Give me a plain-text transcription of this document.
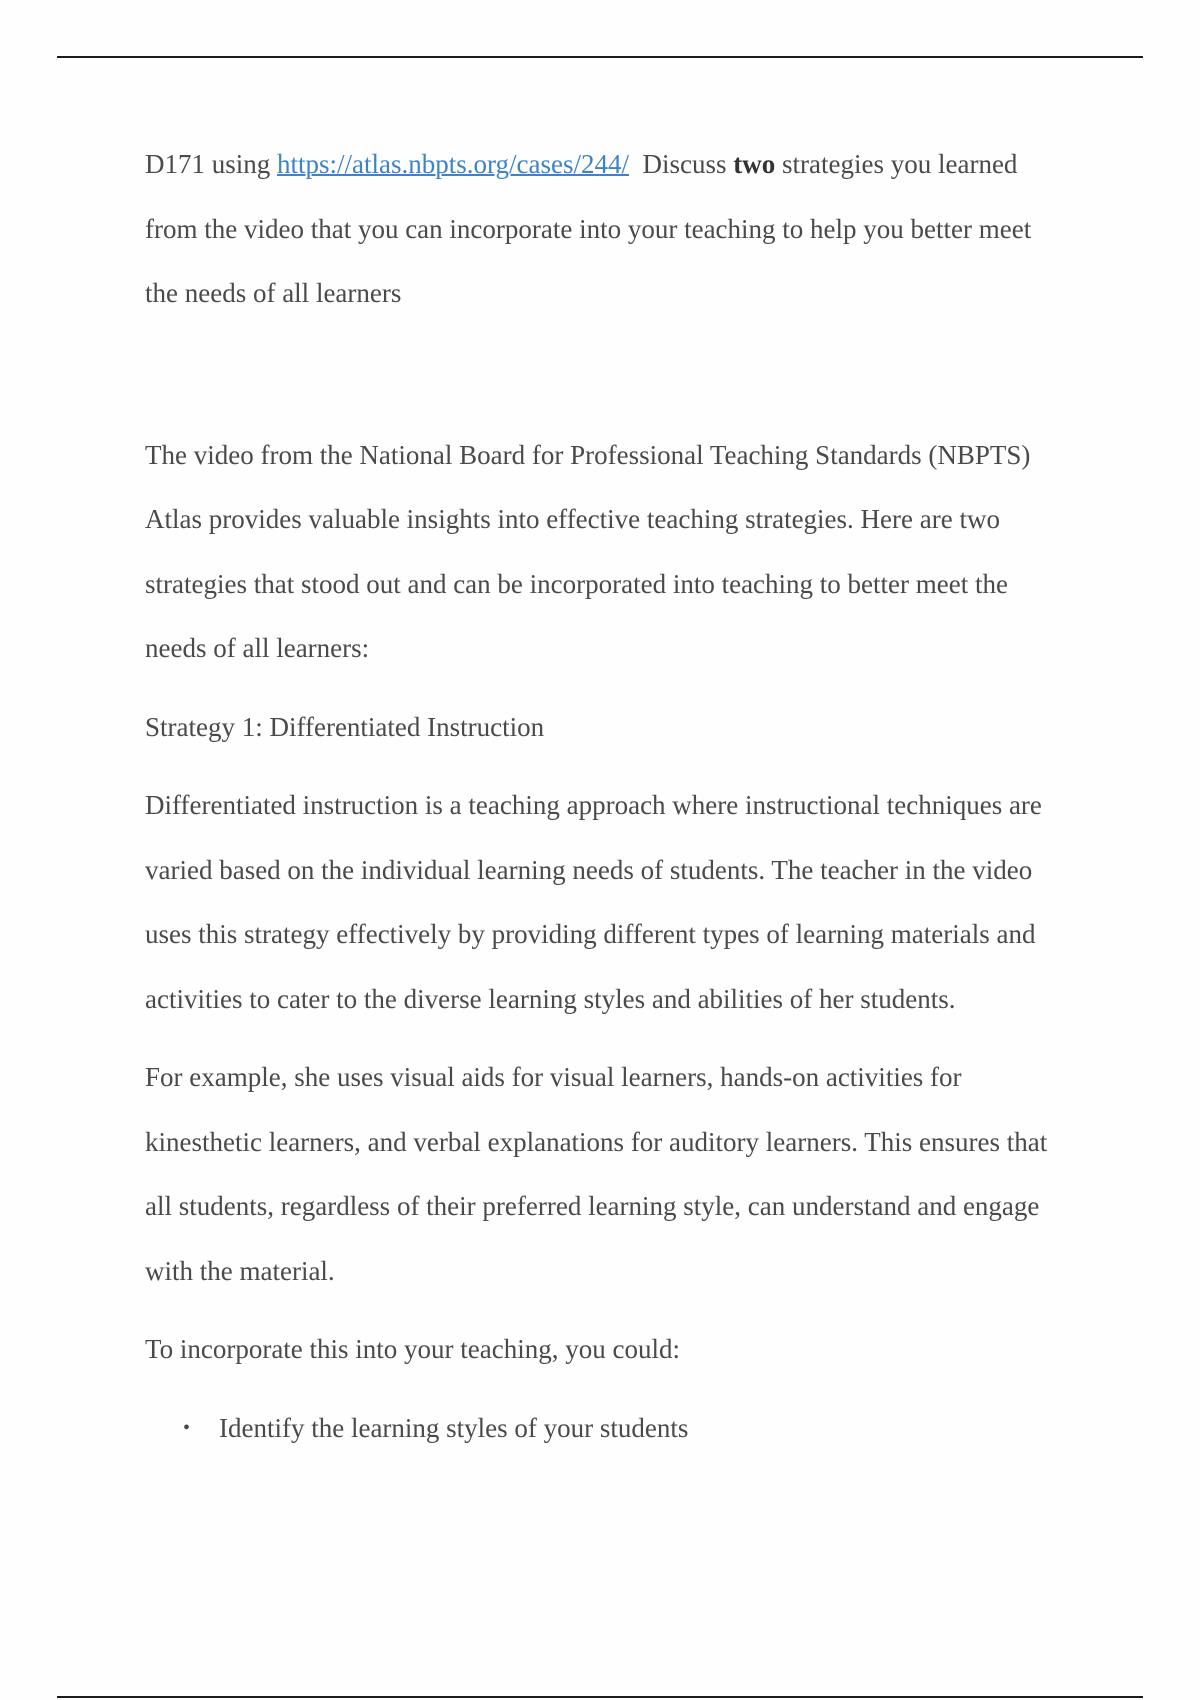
D171 using https://atlas.nbpts.org/cases/244/  Discuss two strategies you learned from the video that you can incorporate into your teaching to help you better meet the needs of all learners

The video from the National Board for Professional Teaching Standards (NBPTS) Atlas provides valuable insights into effective teaching strategies. Here are two strategies that stood out and can be incorporated into teaching to better meet the needs of all learners:

Strategy 1: Differentiated Instruction

Differentiated instruction is a teaching approach where instructional techniques are varied based on the individual learning needs of students. The teacher in the video uses this strategy effectively by providing different types of learning materials and activities to cater to the diverse learning styles and abilities of her students.

For example, she uses visual aids for visual learners, hands-on activities for kinesthetic learners, and verbal explanations for auditory learners. This ensures that all students, regardless of their preferred learning style, can understand and engage with the material.

To incorporate this into your teaching, you could:

• Identify the learning styles of your students
